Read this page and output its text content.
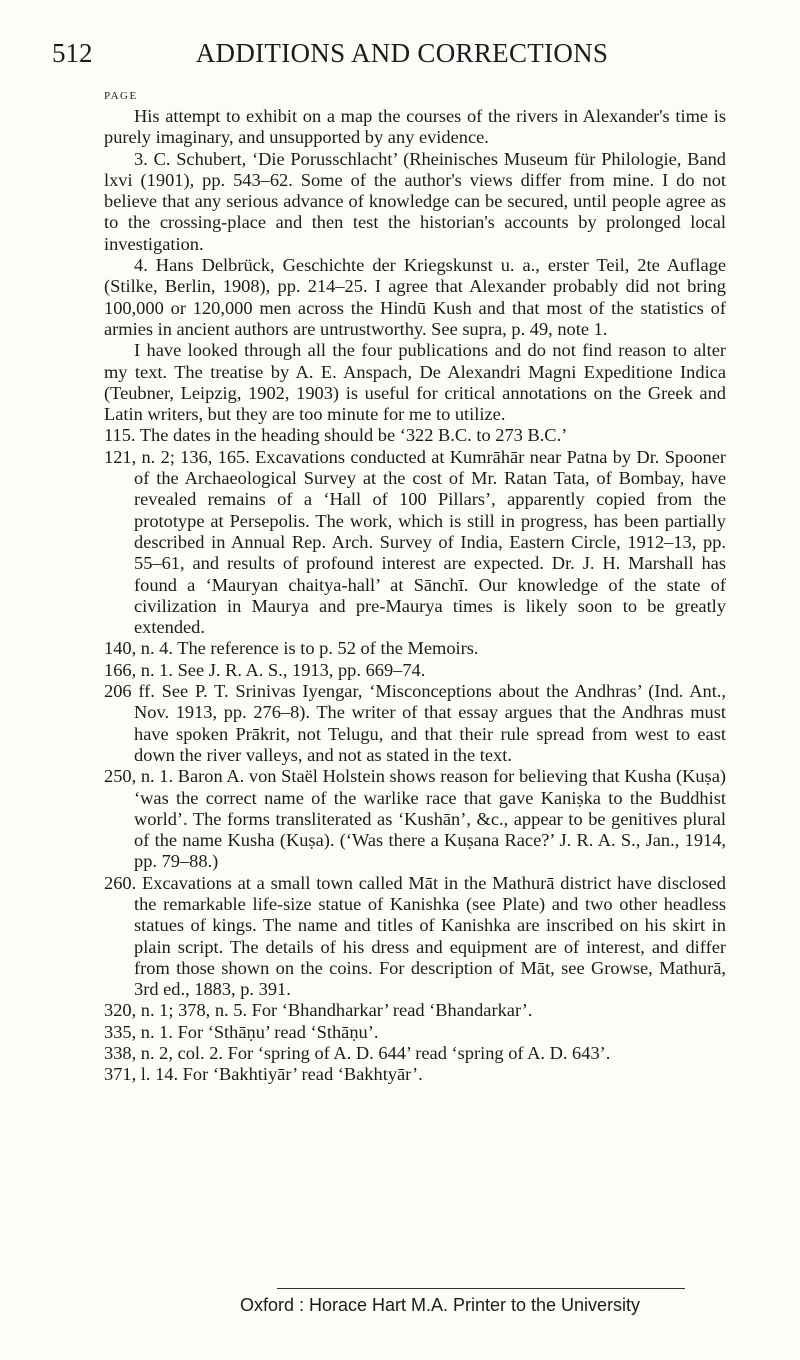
512	ADDITIONS AND CORRECTIONS
PAGE

His attempt to exhibit on a map the courses of the rivers in Alexander's time is purely imaginary, and unsupported by any evidence.

3. C. Schubert, ‘Die Porusschlacht’ (Rheinisches Museum für Philologie, Band lxvi (1901), pp. 543–62. Some of the author's views differ from mine. I do not believe that any serious advance of knowledge can be secured, until people agree as to the crossing-place and then test the historian's accounts by prolonged local investigation.

4. Hans Delbrück, Geschichte der Kriegskunst u. a., erster Teil, 2te Auflage (Stilke, Berlin, 1908), pp. 214–25. I agree that Alexander probably did not bring 100,000 or 120,000 men across the Hindū Kush and that most of the statistics of armies in ancient authors are untrustworthy. See supra, p. 49, note 1.

I have looked through all the four publications and do not find reason to alter my text. The treatise by A. E. Anspach, De Alexandri Magni Expeditione Indica (Teubner, Leipzig, 1902, 1903) is useful for critical annotations on the Greek and Latin writers, but they are too minute for me to utilize.

115. The dates in the heading should be ‘322 B.C. to 273 B.C.’

121, n. 2; 136, 165. Excavations conducted at Kumrāhār near Patna by Dr. Spooner of the Archaeological Survey at the cost of Mr. Ratan Tata, of Bombay, have revealed remains of a ‘Hall of 100 Pillars’, apparently copied from the prototype at Persepolis. The work, which is still in progress, has been partially described in Annual Rep. Arch. Survey of India, Eastern Circle, 1912–13, pp. 55–61, and results of profound interest are expected. Dr. J. H. Marshall has found a ‘Mauryan chaitya-hall’ at Sānchī. Our knowledge of the state of civilization in Maurya and pre-Maurya times is likely soon to be greatly extended.

140, n. 4. The reference is to p. 52 of the Memoirs.

166, n. 1. See J. R. A. S., 1913, pp. 669–74.

206 ff. See P. T. Srinivas Iyengar, ‘Misconceptions about the Andhras’ (Ind. Ant., Nov. 1913, pp. 276–8). The writer of that essay argues that the Andhras must have spoken Prākrit, not Telugu, and that their rule spread from west to east down the river valleys, and not as stated in the text.

250, n. 1. Baron A. von Staël Holstein shows reason for believing that Kusha (Kuṣa) ‘was the correct name of the warlike race that gave Kaniṣka to the Buddhist world’. The forms transliterated as ‘Kushān’, &c., appear to be genitives plural of the name Kusha (Kuṣa). (‘Was there a Kuṣana Race?’ J. R. A. S., Jan., 1914, pp. 79–88.)

260. Excavations at a small town called Māt in the Mathurā district have disclosed the remarkable life-size statue of Kanishka (see Plate) and two other headless statues of kings. The name and titles of Kanishka are inscribed on his skirt in plain script. The details of his dress and equipment are of interest, and differ from those shown on the coins. For description of Māt, see Growse, Mathurā, 3rd ed., 1883, p. 391.

320, n. 1; 378, n. 5. For ‘Bhandharkar’ read ‘Bhandarkar’.

335, n. 1. For ‘Sthāṇu’ read ‘Sthāṇu’.

338, n. 2, col. 2. For ‘spring of A. D. 644’ read ‘spring of A. D. 643’.

371, l. 14. For ‘Bakhtiyār’ read ‘Bakhtyār’.

Oxford : Horace Hart M.A. Printer to the University
